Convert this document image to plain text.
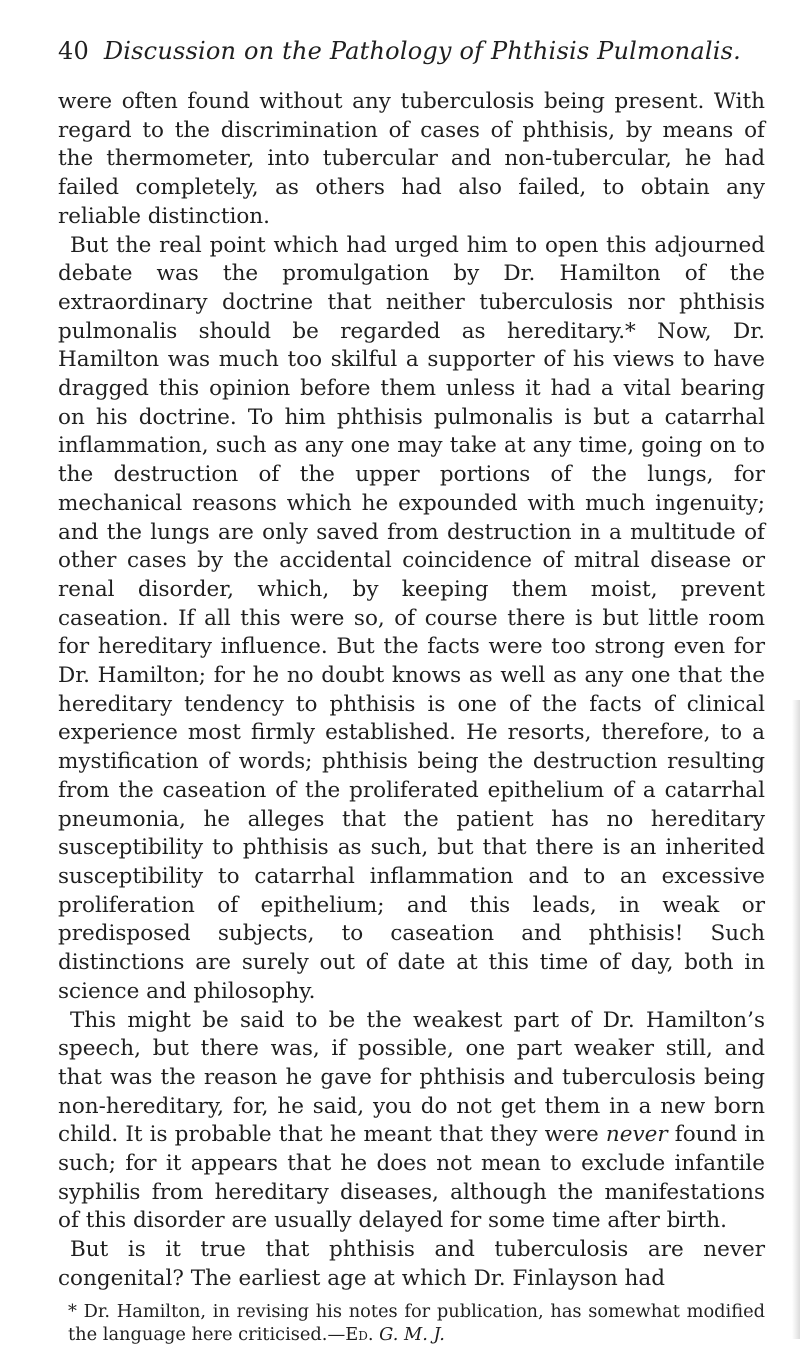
40 Discussion on the Pathology of Phthisis Pulmonalis.

were often found without any tuberculosis being present. With regard to the discrimination of cases of phthisis, by means of the thermometer, into tubercular and non-tubercular, he had failed completely, as others had also failed, to obtain any reliable distinction.

But the real point which had urged him to open this adjourned debate was the promulgation by Dr. Hamilton of the extraordinary doctrine that neither tuberculosis nor phthisis pulmonalis should be regarded as hereditary.* Now, Dr. Hamilton was much too skilful a supporter of his views to have dragged this opinion before them unless it had a vital bearing on his doctrine. To him phthisis pulmonalis is but a catarrhal inflammation, such as any one may take at any time, going on to the destruction of the upper portions of the lungs, for mechanical reasons which he expounded with much ingenuity; and the lungs are only saved from destruction in a multitude of other cases by the accidental coincidence of mitral disease or renal disorder, which, by keeping them moist, prevent caseation. If all this were so, of course there is but little room for hereditary influence. But the facts were too strong even for Dr. Hamilton; for he no doubt knows as well as any one that the hereditary tendency to phthisis is one of the facts of clinical experience most firmly established. He resorts, therefore, to a mystification of words; phthisis being the destruction resulting from the caseation of the proliferated epithelium of a catarrhal pneumonia, he alleges that the patient has no hereditary susceptibility to phthisis as such, but that there is an inherited susceptibility to catarrhal inflammation and to an excessive proliferation of epithelium; and this leads, in weak or predisposed subjects, to caseation and phthisis! Such distinctions are surely out of date at this time of day, both in science and philosophy.

This might be said to be the weakest part of Dr. Hamilton’s speech, but there was, if possible, one part weaker still, and that was the reason he gave for phthisis and tuberculosis being non-hereditary, for, he said, you do not get them in a new born child. It is probable that he meant that they were never found in such; for it appears that he does not mean to exclude infantile syphilis from hereditary diseases, although the manifestations of this disorder are usually delayed for some time after birth.

But is it true that phthisis and tuberculosis are never congenital? The earliest age at which Dr. Finlayson had

* Dr. Hamilton, in revising his notes for publication, has somewhat modified the language here criticised.—Ed. G. M. J.
